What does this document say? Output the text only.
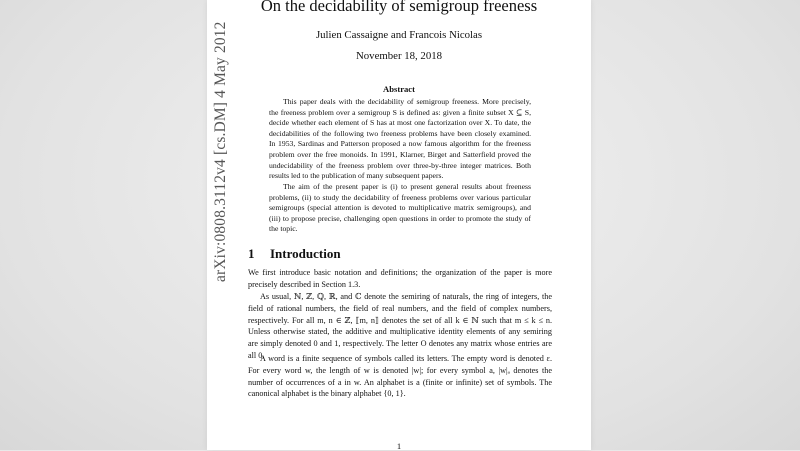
On the decidability of semigroup freeness
Julien Cassaigne and Francois Nicolas
November 18, 2018
Abstract
This paper deals with the decidability of semigroup freeness. More precisely, the freeness problem over a semigroup S is defined as: given a finite subset X ⊆ S, decide whether each element of S has at most one factorization over X. To date, the decidabilities of the following two freeness problems have been closely examined. In 1953, Sardinas and Patterson proposed a now famous algorithm for the freeness problem over the free monoids. In 1991, Klarner, Birget and Satterfield proved the undecidability of the freeness problem over three-by-three integer matrices. Both results led to the publication of many subsequent papers.
The aim of the present paper is (i) to present general results about freeness problems, (ii) to study the decidability of freeness problems over various particular semigroups (special attention is devoted to multiplicative matrix semigroups), and (iii) to propose precise, challenging open questions in order to promote the study of the topic.
1 Introduction
We first introduce basic notation and definitions; the organization of the paper is more precisely described in Section 1.3.
As usual, ℕ, ℤ, ℚ, ℝ, and ℂ denote the semiring of naturals, the ring of integers, the field of rational numbers, the field of real numbers, and the field of complex numbers, respectively. For all m, n ∈ ℤ, ⟦m, n⟧ denotes the set of all k ∈ ℕ such that m ≤ k ≤ n. Unless otherwise stated, the additive and multiplicative identity elements of any semiring are simply denoted 0 and 1, respectively. The letter O denotes any matrix whose entries are all 0.
A word is a finite sequence of symbols called its letters. The empty word is denoted ε. For every word w, the length of w is denoted |w|; for every symbol a, |w|ₐ denotes the number of occurrences of a in w. An alphabet is a (finite or infinite) set of symbols. The canonical alphabet is the binary alphabet {0, 1}.
1
arXiv:0808.3112v4 [cs.DM] 4 May 2012
